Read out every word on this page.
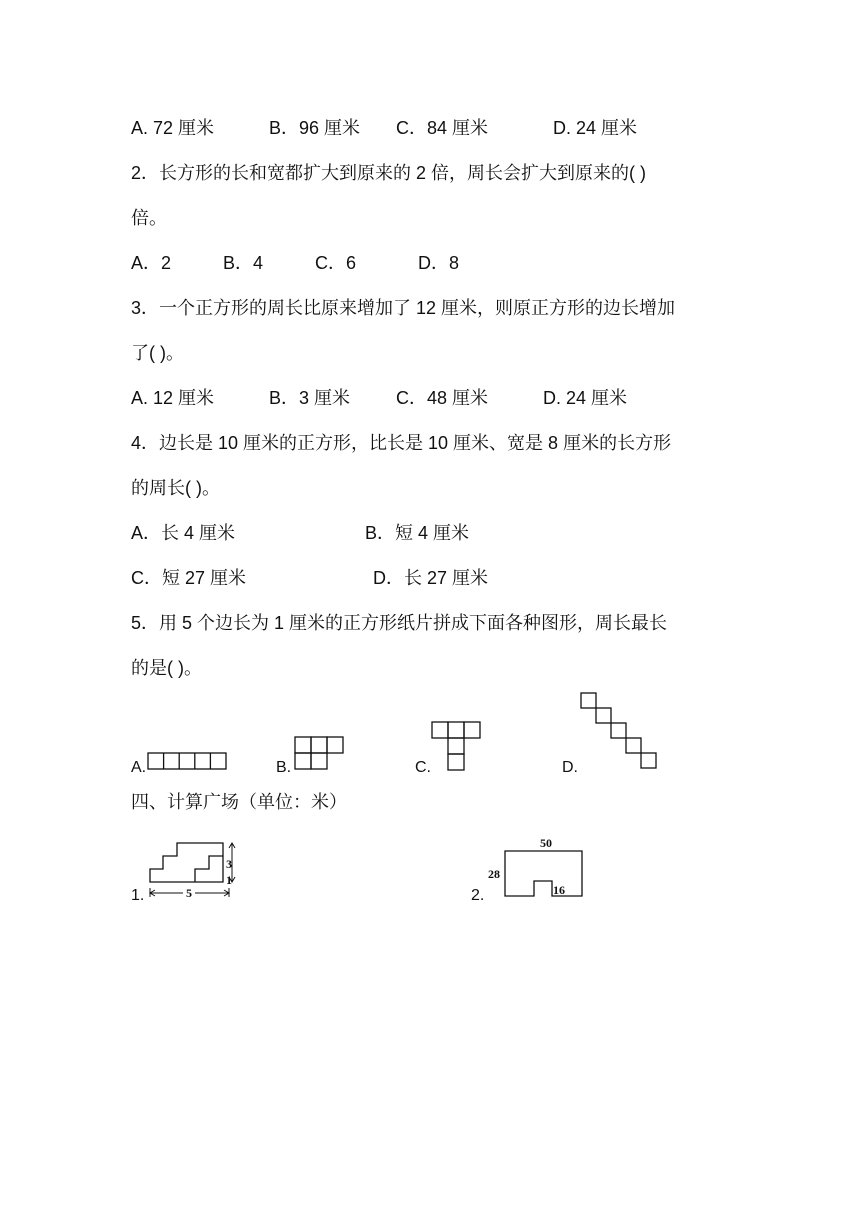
A. 72 厘米	B．96 厘米 C．84 厘米	D. 24 厘米
2．长方形的长和宽都扩大到原来的 2 倍，周长会扩大到原来的( )
倍。
A．2	B．4	C．6	D．8
3．一个正方形的周长比原来增加了 12 厘米，则原正方形的边长增加
了( )。
A. 12 厘米	B．3 厘米	C．48 厘米	D. 24 厘米
4．边长是 10 厘米的正方形，比长是 10 厘米、宽是 8 厘米的长方形
的周长( )。
A．长 4 厘米	B．短 4 厘米
C．短 27 厘米	D．长 27 厘米
5．用 5 个边长为 1 厘米的正方形纸片拼成下面各种图形，周长最长
的是( )。
A.	B.	C.	D.
四、计算广场（单位：米）
1.	5
3
1
2.
50
28
16
